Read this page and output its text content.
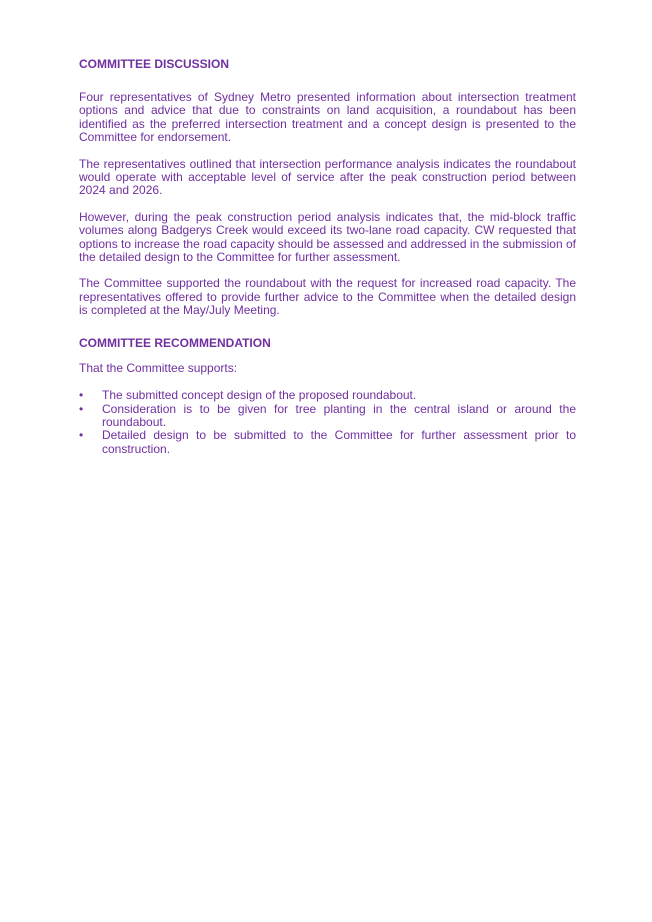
COMMITTEE DISCUSSION

Four representatives of Sydney Metro presented information about intersection treatment options and advice that due to constraints on land acquisition, a roundabout has been identified as the preferred intersection treatment and a concept design is presented to the Committee for endorsement.

The representatives outlined that intersection performance analysis indicates the roundabout would operate with acceptable level of service after the peak construction period between 2024 and 2026.

However, during the peak construction period analysis indicates that, the mid-block traffic volumes along Badgerys Creek would exceed its two-lane road capacity. CW requested that options to increase the road capacity should be assessed and addressed in the submission of the detailed design to the Committee for further assessment.

The Committee supported the roundabout with the request for increased road capacity. The representatives offered to provide further advice to the Committee when the detailed design is completed at the May/July Meeting.

COMMITTEE RECOMMENDATION

That the Committee supports:

•	The submitted concept design of the proposed roundabout.
•	Consideration is to be given for tree planting in the central island or around the roundabout.
•	Detailed design to be submitted to the Committee for further assessment prior to construction.
